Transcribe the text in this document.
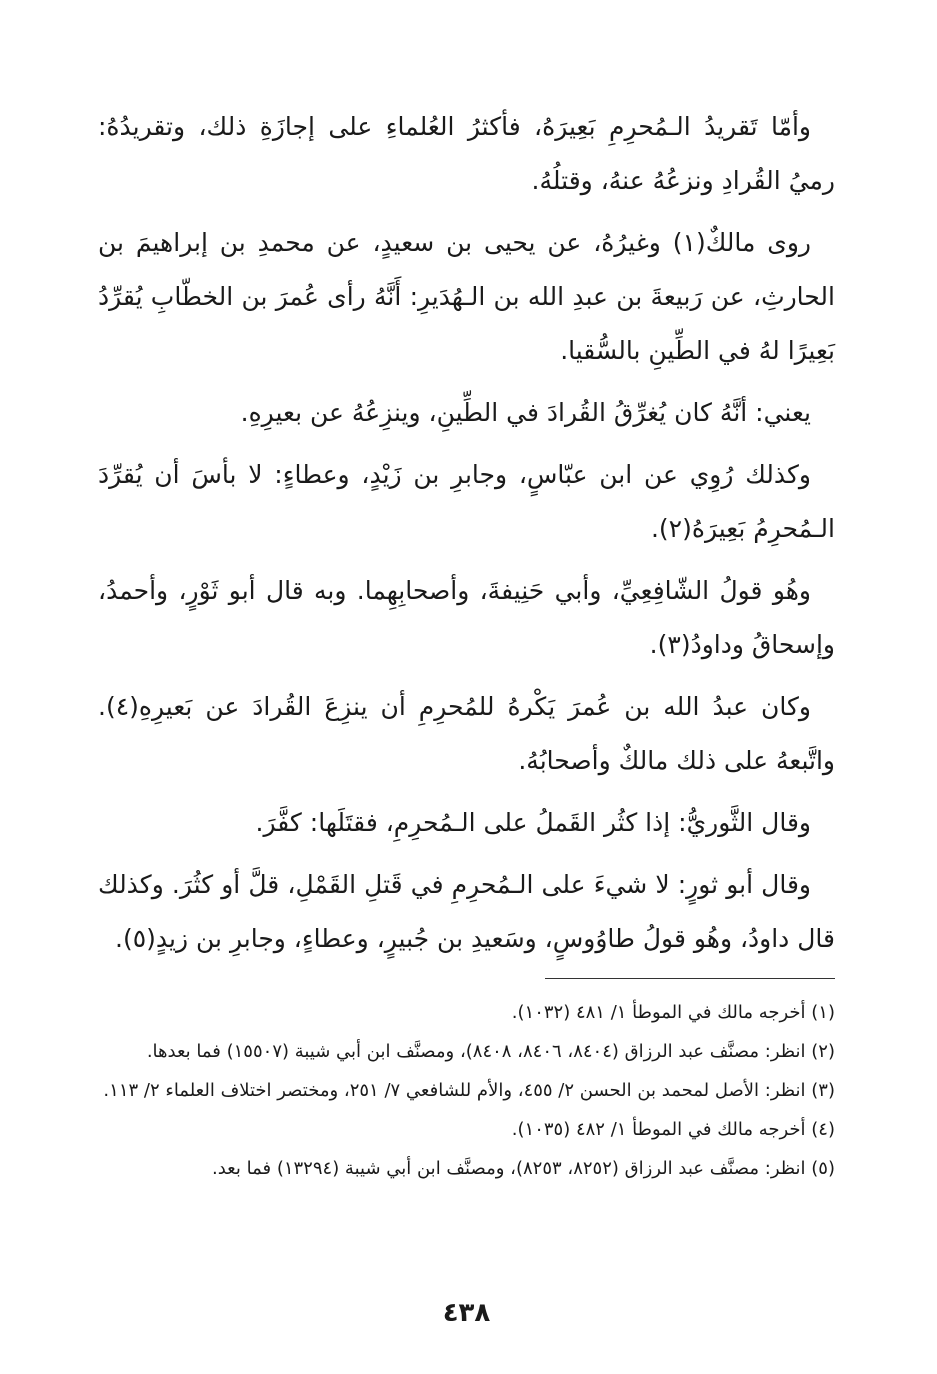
وأمّا تَقريدُ الـمُحرِمِ بَعِيرَهُ، فأكثرُ العُلماءِ على إجازَةِ ذلك، وتقريدُهُ: رميُ القُرادِ ونزعُهُ عنهُ، وقتلُهُ.

روى مالكٌ(١) وغيرُهُ، عن يحيى بن سعيدٍ، عن محمدِ بن إبراهيمَ بن الحارثِ، عن رَبيعةَ بن عبدِ الله بن الـهُدَيرِ: أَنَّهُ رأى عُمرَ بن الخطّابِ يُقرِّدُ بَعِيرًا لهُ في الطِّينِ بالسُّقيا.

يعني: أنَّهُ كان يُغرِّقُ القُرادَ في الطِّينِ، وينزِعُهُ عن بعيرِهِ.

وكذلك رُوِي عن ابن عبّاسٍ، وجابرِ بن زَيْدٍ، وعطاءٍ: لا بأسَ أن يُقرِّدَ الـمُحرِمُ بَعِيرَهُ(٢).

وهُو قولُ الشّافِعِيِّ، وأبي حَنِيفةَ، وأصحابِهِما. وبه قال أبو ثَوْرٍ، وأحمدُ، وإسحاقُ وداودُ(٣).

وكان عبدُ الله بن عُمرَ يَكْرهُ للمُحرِمِ أن ينزِعَ القُرادَ عن بَعيرِهِ(٤). واتَّبعهُ على ذلك مالكٌ وأصحابُهُ.

وقال الثَّوريُّ: إذا كثُر القَملُ على الـمُحرِمِ، فقتَلَها: كفَّرَ.

وقال أبو ثورٍ: لا شيءَ على الـمُحرِمِ في قَتلِ القَمْلِ، قلَّ أو كثُرَ. وكذلك قال داودُ، وهُو قولُ طاوُوسٍ، وسَعيدِ بن جُبيرٍ، وعطاءٍ، وجابرِ بن زيدٍ(٥).

(١) أخرجه مالك في الموطأ ١/ ٤٨١ (١٠٣٢).

(٢) انظر: مصنَّف عبد الرزاق (٨٤٠٤، ٨٤٠٦، ٨٤٠٨)، ومصنَّف ابن أبي شيبة (١٥٥٠٧) فما بعدها.

(٣) انظر: الأصل لمحمد بن الحسن ٢/ ٤٥٥، والأم للشافعي ٧/ ٢٥١، ومختصر اختلاف العلماء ٢/ ١١٣.

(٤) أخرجه مالك في الموطأ ١/ ٤٨٢ (١٠٣٥).

(٥) انظر: مصنَّف عبد الرزاق (٨٢٥٢، ٨٢٥٣)، ومصنَّف ابن أبي شيبة (١٣٢٩٤) فما بعد.

٤٣٨
